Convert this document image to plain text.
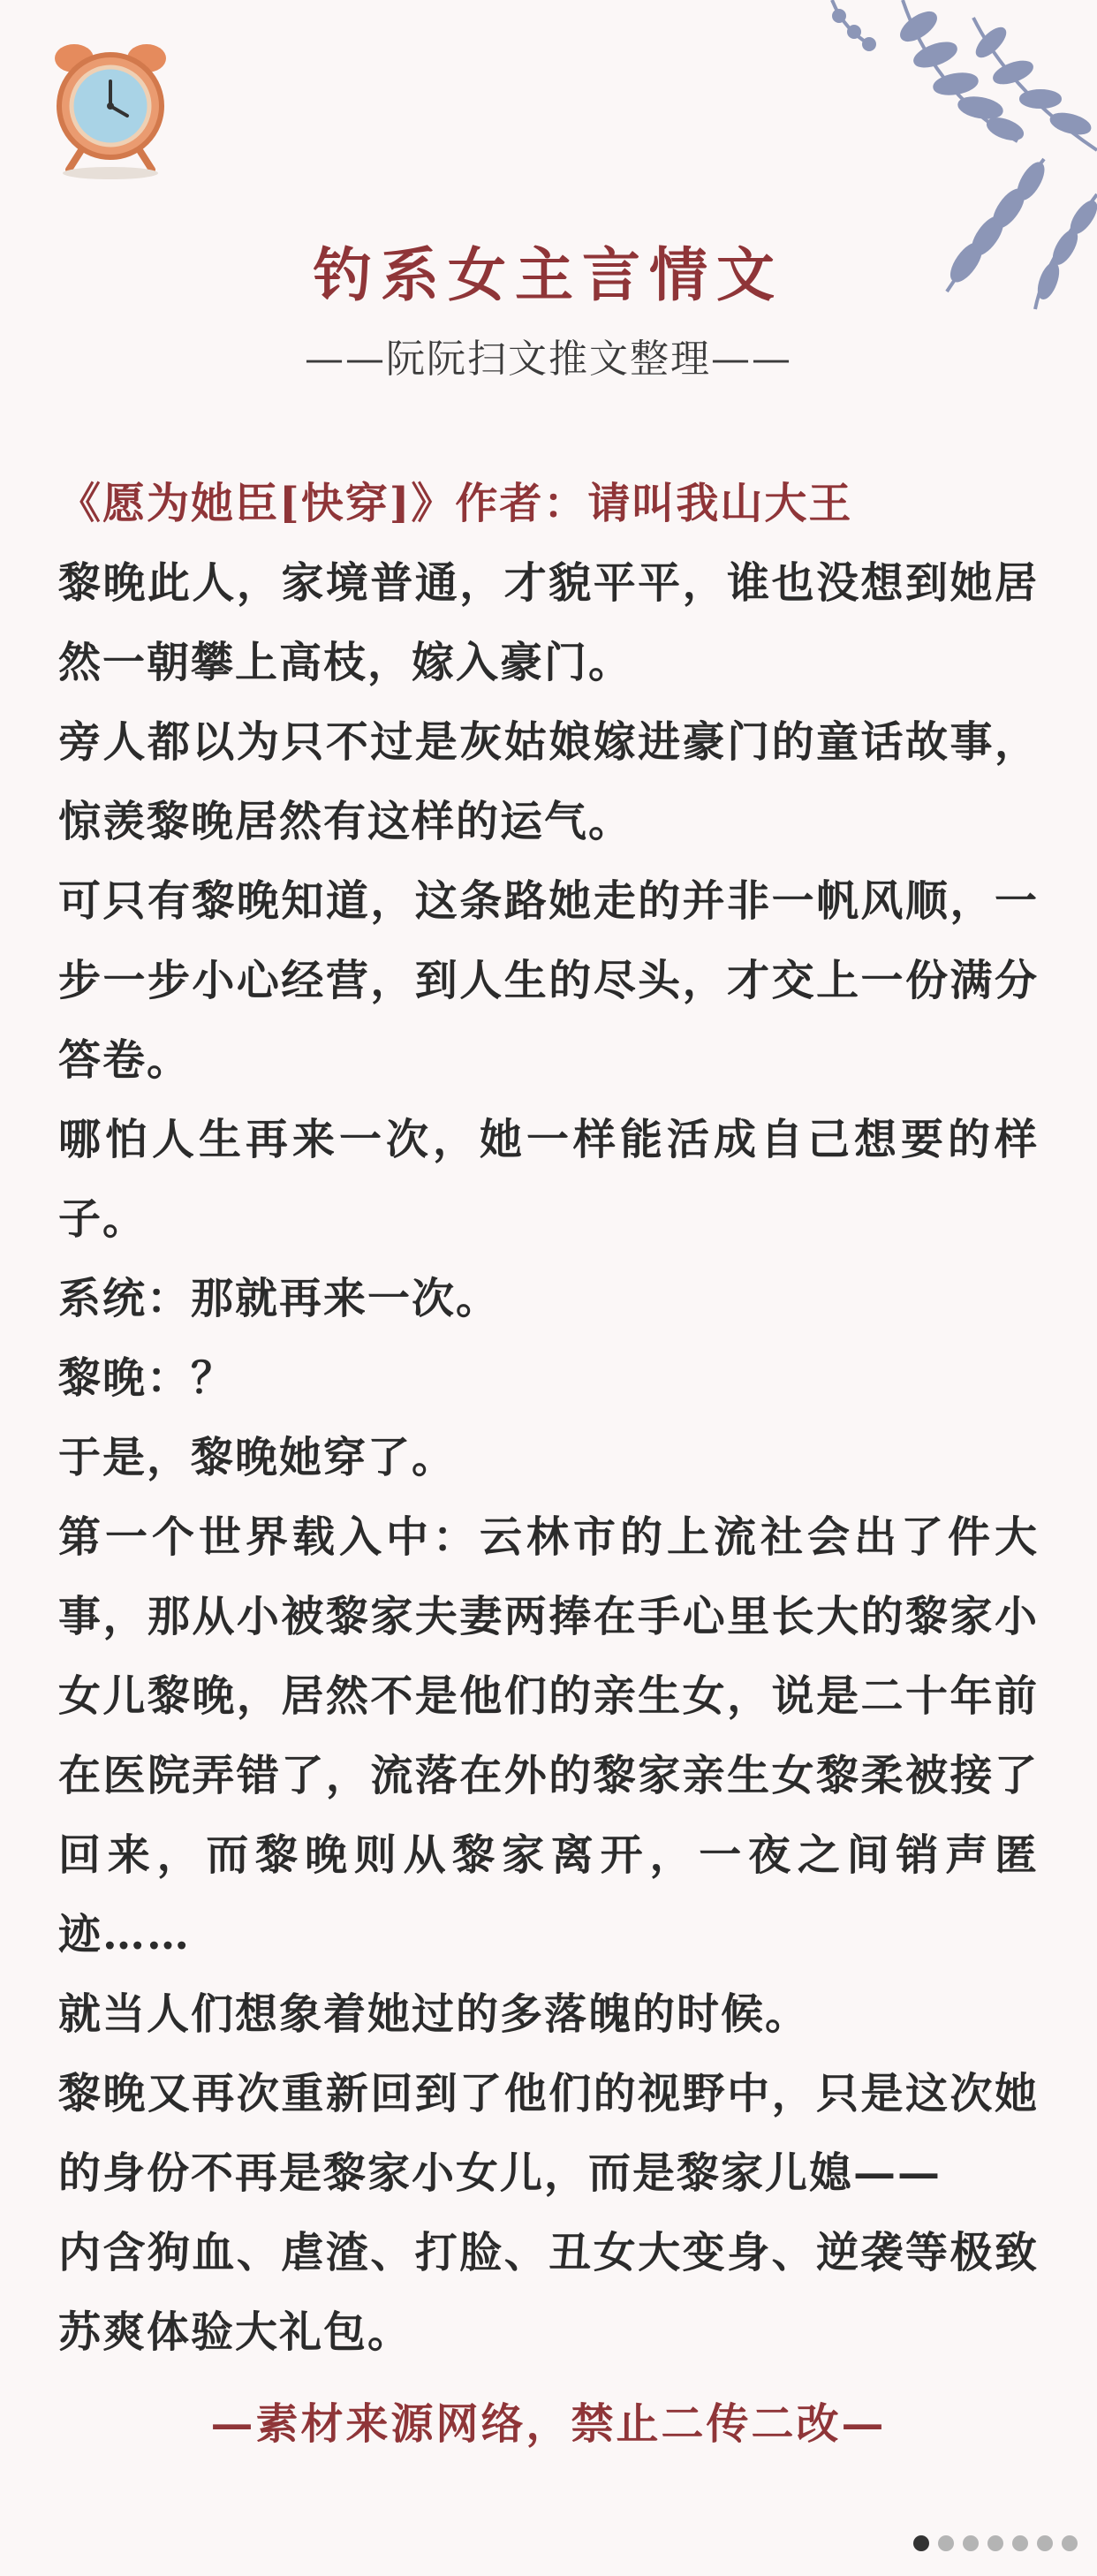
钓系女主言情文
——阮阮扫文推文整理——

《愿为她臣[快穿]》作者：请叫我山大王

黎晚此人，家境普通，才貌平平，谁也没想到她居然一朝攀上高枝，嫁入豪门。

旁人都以为只不过是灰姑娘嫁进豪门的童话故事，惊羡黎晚居然有这样的运气。

可只有黎晚知道，这条路她走的并非一帆风顺，一步一步小心经营，到人生的尽头，才交上一份满分答卷。

哪怕人生再来一次，她一样能活成自己想要的样子。

系统：那就再来一次。

黎晚：？

于是，黎晚她穿了。

第一个世界载入中：云林市的上流社会出了件大事，那从小被黎家夫妻两捧在手心里长大的黎家小女儿黎晚，居然不是他们的亲生女，说是二十年前在医院弄错了，流落在外的黎家亲生女黎柔被接了回来，而黎晚则从黎家离开，一夜之间销声匿迹……

就当人们想象着她过的多落魄的时候。

黎晚又再次重新回到了他们的视野中，只是这次她的身份不再是黎家小女儿，而是黎家儿媳——

内含狗血、虐渣、打脸、丑女大变身、逆袭等极致苏爽体验大礼包。

—素材来源网络，禁止二传二改—
